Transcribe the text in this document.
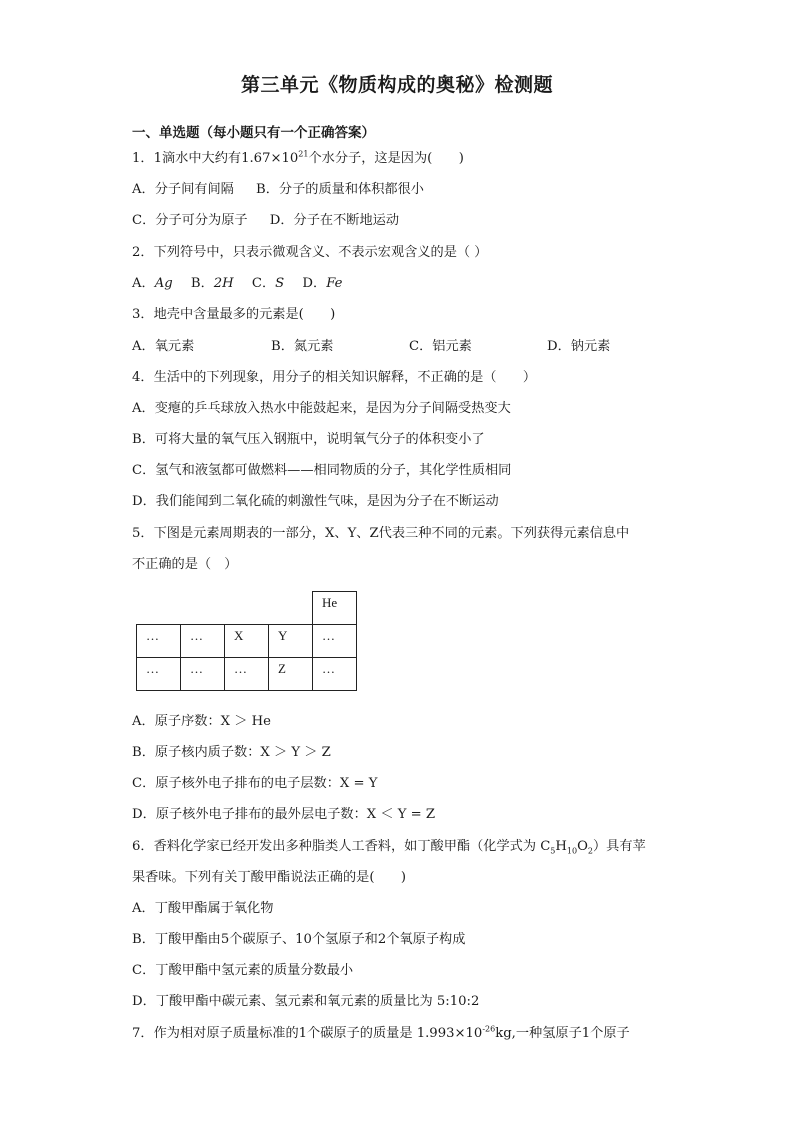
第三单元《物质构成的奥秘》检测题
一、单选题（每小题只有一个正确答案）
1．1滴水中大约有$1.67\times 10^{21}$个水分子，这是因为(　　)
A．分子间有间隔 B．分子的质量和体积都很小
C．分子可分为原子 D．分子在不断地运动
2．下列符号中，只表示微观含义、不表示宏观含义的是（ ）
A．Ag B．2H C．S D．Fe
3．地壳中含量最多的元素是(　　)
A．氧元素	B．氮元素	C．铝元素	D．钠元素
4．生活中的下列现象，用分子的相关知识解释，不正确的是（　　）
A．变瘪的乒乓球放入热水中能鼓起来，是因为分子间隔受热变大
B．可将大量的氧气压入钢瓶中，说明氧气分子的体积变小了
C．氢气和液氢都可做燃料——相同物质的分子，其化学性质相同
D．我们能闻到二氧化硫的刺激性气味，是因为分子在不断运动
5．下图是元素周期表的一部分，X、Y、Z代表三种不同的元素。下列获得元素信息中
不正确的是（　）
				He
…	…	X	Y	…
…	…	…	Z	…
A．原子序数：X ＞ He
B．原子核内质子数：X ＞ Y ＞ Z
C．原子核外电子排布的电子层数：X = Y
D．原子核外电子排布的最外层电子数：X ＜ Y = Z
6．香料化学家已经开发出多种脂类人工香料，如丁酸甲酯（化学式为 $C_5H_{10}O_2$）具有苹
果香味。下列有关丁酸甲酯说法正确的是(　　)
A．丁酸甲酯属于氧化物
B．丁酸甲酯由5个碳原子、10个氢原子和2个氧原子构成
C．丁酸甲酯中氢元素的质量分数最小
D．丁酸甲酯中碳元素、氢元素和氧元素的质量比为 5:10:2
7．作为相对原子质量标准的1个碳原子的质量是 $1.993\times 10^{-26}kg$,一种氢原子1个原子
